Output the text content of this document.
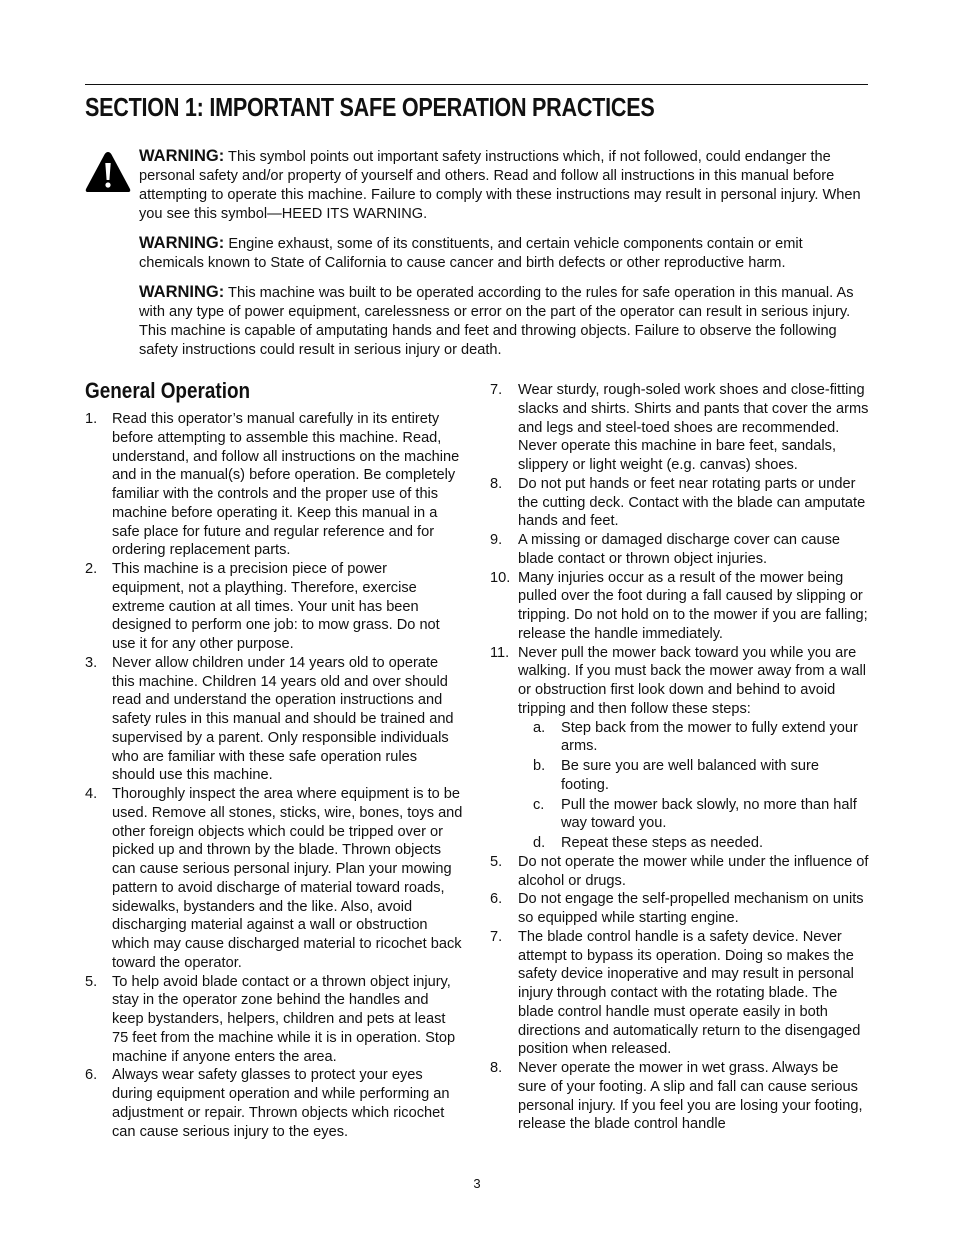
SECTION 1: IMPORTANT SAFE OPERATION PRACTICES

WARNING: This symbol points out important safety instructions which, if not followed, could endanger the personal safety and/or property of yourself and others. Read and follow all instructions in this manual before attempting to operate this machine. Failure to comply with these instructions may result in personal injury. When you see this symbol—HEED ITS WARNING.

WARNING: Engine exhaust, some of its constituents, and certain vehicle components contain or emit chemicals known to State of California to cause cancer and birth defects or other reproductive harm.

WARNING: This machine was built to be operated according to the rules for safe operation in this manual. As with any type of power equipment, carelessness or error on the part of the operator can result in serious injury. This machine is capable of amputating hands and feet and throwing objects. Failure to observe the following safety instructions could result in serious injury or death.

General Operation
1. Read this operator’s manual carefully in its entirety before attempting to assemble this machine. Read, understand, and follow all instructions on the machine and in the manual(s) before operation. Be completely familiar with the controls and the proper use of this machine before operating it. Keep this manual in a safe place for future and regular reference and for ordering replacement parts.
2. This machine is a precision piece of power equipment, not a plaything. Therefore, exercise extreme caution at all times. Your unit has been designed to perform one job: to mow grass. Do not use it for any other purpose.
3. Never allow children under 14 years old to operate this machine. Children 14 years old and over should read and understand the operation instructions and safety rules in this manual and should be trained and supervised by a parent. Only responsible individuals who are familiar with these safe operation rules should use this machine.
4. Thoroughly inspect the area where equipment is to be used. Remove all stones, sticks, wire, bones, toys and other foreign objects which could be tripped over or picked up and thrown by the blade. Thrown objects can cause serious personal injury. Plan your mowing pattern to avoid discharge of material toward roads, sidewalks, bystanders and the like. Also, avoid discharging material against a wall or obstruction which may cause discharged material to ricochet back toward the operator.
5. To help avoid blade contact or a thrown object injury, stay in the operator zone behind the handles and keep bystanders, helpers, children and pets at least 75 feet from the machine while it is in operation. Stop machine if anyone enters the area.
6. Always wear safety glasses to protect your eyes during equipment operation and while performing an adjustment or repair. Thrown objects which ricochet can cause serious injury to the eyes.
7. Wear sturdy, rough-soled work shoes and close-fitting slacks and shirts. Shirts and pants that cover the arms and legs and steel-toed shoes are recommended. Never operate this machine in bare feet, sandals, slippery or light weight (e.g. canvas) shoes.
8. Do not put hands or feet near rotating parts or under the cutting deck. Contact with the blade can amputate hands and feet.
9. A missing or damaged discharge cover can cause blade contact or thrown object injuries.
10. Many injuries occur as a result of the mower being pulled over the foot during a fall caused by slipping or tripping. Do not hold on to the mower if you are falling; release the handle immediately.
11. Never pull the mower back toward you while you are walking. If you must back the mower away from a wall or obstruction first look down and behind to avoid tripping and then follow these steps:
a. Step back from the mower to fully extend your arms.
b. Be sure you are well balanced with sure footing.
c. Pull the mower back slowly, no more than half way toward you.
d. Repeat these steps as needed.
5. Do not operate the mower while under the influence of alcohol or drugs.
6. Do not engage the self-propelled mechanism on units so equipped while starting engine.
7. The blade control handle is a safety device. Never attempt to bypass its operation. Doing so makes the safety device inoperative and may result in personal injury through contact with the rotating blade. The blade control handle must operate easily in both directions and automatically return to the disengaged position when released.
8. Never operate the mower in wet grass. Always be sure of your footing. A slip and fall can cause serious personal injury. If you feel you are losing your footing, release the blade control handle
3
